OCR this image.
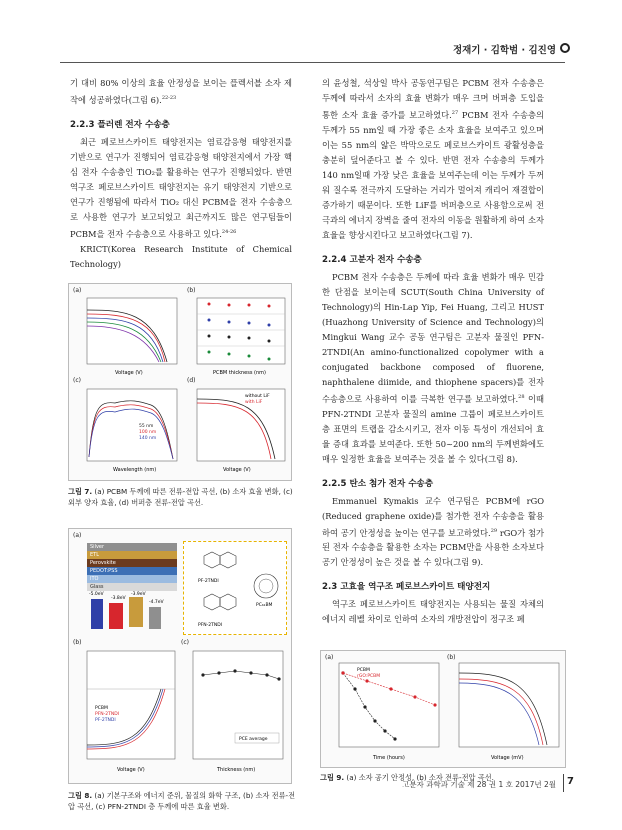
정재기 · 김학범 · 김진영
기 대비 80% 이상의 효율 안정성을 보이는 플렉서블 소자 제작에 성공하였다(그림 6).$^{22-23}$
2.2.3 플러렌 전자 수송층
최근 페로브스카이트 태양전지는 염료감응형 태양전지를 기반으로 연구가 진행되어 염료감응형 태양전지에서 가장 핵심 전자 수송층인 TiO₂를 활용하는 연구가 진행되었다. 반면 역구조 페로브스카이트 태양전지는 유기 태양전지 기반으로 연구가 진행됨에 따라서 TiO₂ 대신 PCBM을 전자 수송층으로 사용한 연구가 보고되었고 최근까지도 많은 연구팀들이 PCBM을 전자 수송층으로 사용하고 있다.$^{24-26}$
KRICT(Korea Research Institute of Chemical Technology)
(a)	(b)
(c)	(d)
Voltage (V)	PCBM thickness (nm)
55 nm
100 nm
140 nm
Wavelength (nm)
without LiF
with LiF
Voltage (V)
그림 7. (a) PCBM 두께에 따른 전류-전압 곡선, (b) 소자 효율 변화, (c) 외부 양자 효율, (d) 버퍼층 전류-전압 곡선.
(a)
(b)	(c)
Silver
ETL
Perovskite
PEDOT:PSS
ITO
Glass
-5.0eV
-3.8eV
-3.9eV
-4.7eV
PF-2TNDI
PFN-2TNDI
PC₆₁BM
PCBM
PFN-2TNDI
PF-2TNDI
Voltage (V)
PCE average
Thickness (nm)
그림 8. (a) 기본구조와 에너지 준위, 물질의 화학 구조, (b) 소자 전류-전압 곡선, (c) PFN-2TNDI 층 두께에 따른 효율 변화.
의 윤성철, 석상일 박사 공동연구팀은 PCBM 전자 수송층은 두께에 따라서 소자의 효율 변화가 매우 크며 버퍼층 도입을 통한 소자 효율 증가를 보고하였다.$^{27}$ PCBM 전자 수송층의 두께가 55 nm일 때 가장 좋은 소자 효율을 보여주고 있으며 이는 55 nm의 얇은 박막으로도 페로브스카이트 광활성층을 충분히 덮어준다고 볼 수 있다. 반면 전자 수송층의 두께가 140 nm일때 가장 낮은 효율을 보여주는데 이는 두께가 두꺼워 질수록 전극까지 도달하는 거리가 멀어져 캐리어 재결합이 증가하기 때문이다. 또한 LiF를 버퍼층으로 사용함으로써 전극과의 에너지 장벽을 줄여 전자의 이동을 원활하게 하여 소자 효율을 향상시킨다고 보고하였다(그림 7).
2.2.4 고분자 전자 수송층
PCBM 전자 수송층은 두께에 따라 효율 변화가 매우 민감한 단점을 보이는데 SCUT(South China University of Technology)의 Hin-Lap Yip, Fei Huang, 그리고 HUST (Huazhong University of Science and Technology)의 Mingkui Wang 교수 공동 연구팀은 고분자 물질인 PFN-2TNDI(An amino-functionalized copolymer with a conjugated backbone composed of fluorene, naphthalene diimide, and thiophene spacers)를 전자 수송층으로 사용하여 이를 극복한 연구를 보고하였다.$^{28}$ 이때 PFN-2TNDI 고분자 물질의 amine 그룹이 페로브스카이트 층 표면의 트랩을 감소시키고, 전자 이동 특성이 개선되어 효율 증대 효과를 보여준다. 또한 50~200 nm의 두께변화에도 매우 일정한 효율을 보여주는 것을 볼 수 있다(그림 8).
2.2.5 탄소 첨가 전자 수송층
Emmanuel Kymakis 교수 연구팀은 PCBM에 rGO (Reduced graphene oxide)를 첨가한 전자 수송층을 활용하여 공기 안정성을 높이는 연구를 보고하였다.$^{29}$ rGO가 첨가된 전자 수송층을 활용한 소자는 PCBM만을 사용한 소자보다 공기 안정성이 높은 것을 볼 수 있다(그림 9).
2.3 고효율 역구조 페로브스카이트 태양전지
역구조 페로브스카이트 태양전지는 사용되는 물질 자체의 에너지 레벨 차이로 인하여 소자의 개방전압이 정구조 페
(a)	(b)
PCBM
rGO:PCBM
Time (hours)	Voltage (mV)
그림 9. (a) 소자 공기 안정성, (b) 소자 전류-전압 곡선.
고분자 과학과 기술 제 28 권 1 호 2017년 2월 7
